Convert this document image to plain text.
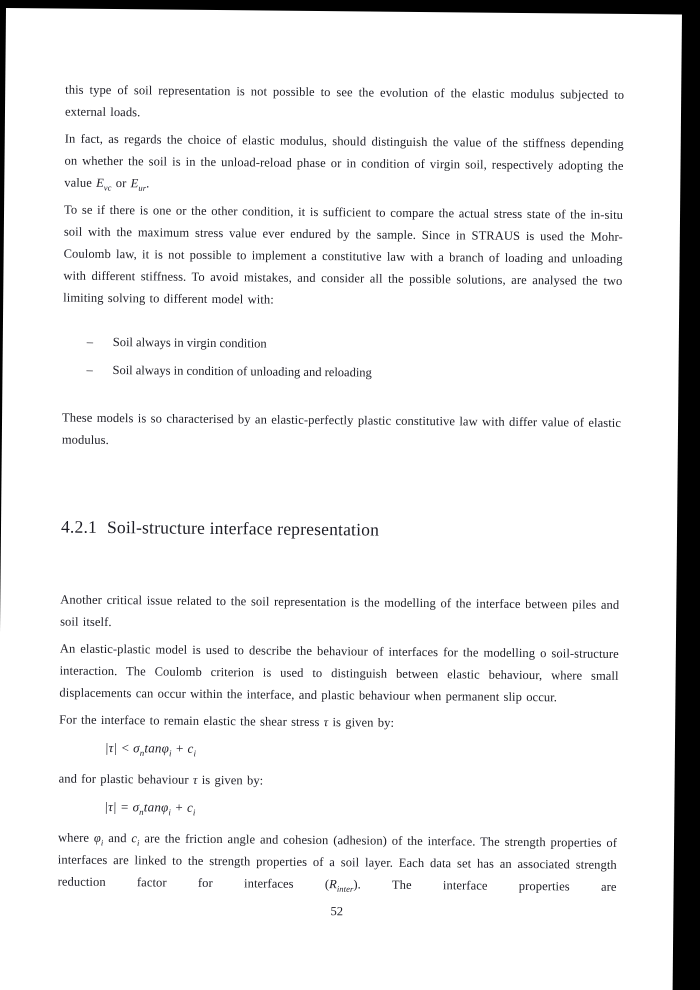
this type of soil representation is not possible to see the evolution of the elastic modulus subjected to external loads.

In fact, as regards the choice of elastic modulus, should distinguish the value of the stiffness depending on whether the soil is in the unload-reload phase or in condition of virgin soil, respectively adopting the value $E_{vc}$ or $E_{ur}$.

To se if there is one or the other condition, it is sufficient to compare the actual stress state of the in-situ soil with the maximum stress value ever endured by the sample. Since in STRAUS is used the Mohr-Coulomb law, it is not possible to implement a constitutive law with a branch of loading and unloading with different stiffness. To avoid mistakes, and consider all the possible solutions, are analysed the two limiting solving to different model with:

–	Soil always in virgin condition
–	Soil always in condition of unloading and reloading

These models is so characterised by an elastic-perfectly plastic constitutive law with differ value of elastic modulus.

4.2.1 Soil-structure interface representation

Another critical issue related to the soil representation is the modelling of the interface between piles and soil itself.

An elastic-plastic model is used to describe the behaviour of interfaces for the modelling o soil-structure interaction. The Coulomb criterion is used to distinguish between elastic behaviour, where small displacements can occur within the interface, and plastic behaviour when permanent slip occur.

For the interface to remain elastic the shear stress τ is given by:

$|\tau| < \sigma_n\tan\varphi_i + c_i$

and for plastic behaviour τ is given by:

$|\tau| = \sigma_n\tan\varphi_i + c_i$

where $\varphi_i$ and $c_i$ are the friction angle and cohesion (adhesion) of the interface. The strength properties of interfaces are linked to the strength properties of a soil layer. Each data set has an associated strength reduction factor for interfaces $(R_{inter})$. The interface properties are

52
